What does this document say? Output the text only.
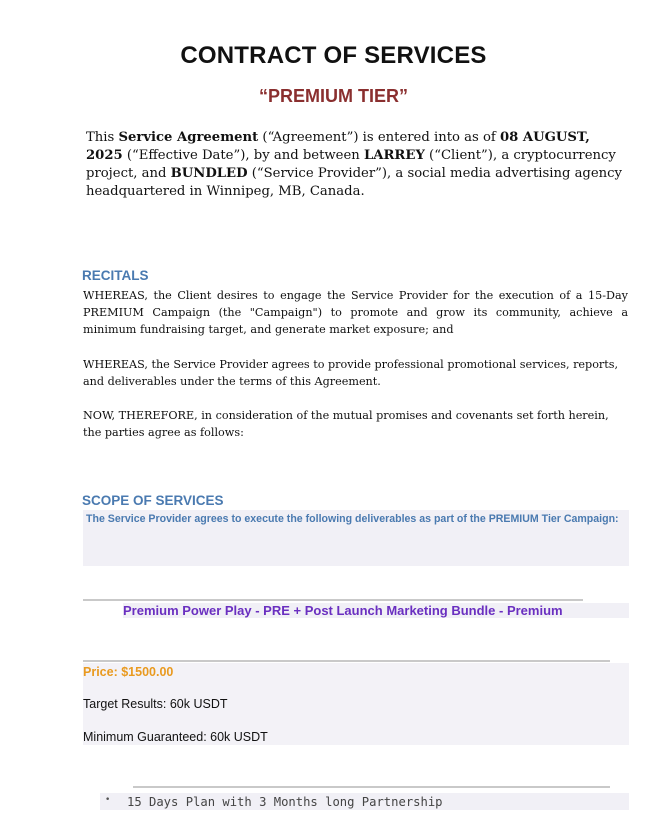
CONTRACT OF SERVICES
“PREMIUM TIER”
This Service Agreement (“Agreement”) is entered into as of 08 AUGUST, 2025 (“Effective Date”), by and between LARREY (“Client”), a cryptocurrency project, and BUNDLED (“Service Provider”), a social media advertising agency headquartered in Winnipeg, MB, Canada.
RECITALS
WHEREAS, the Client desires to engage the Service Provider for the execution of a 15-Day PREMIUM Campaign (the "Campaign") to promote and grow its community, achieve a minimum fundraising target, and generate market exposure; and
WHEREAS, the Service Provider agrees to provide professional promotional services, reports,
and deliverables under the terms of this Agreement.
NOW, THEREFORE, in consideration of the mutual promises and covenants set forth herein,
the parties agree as follows:
SCOPE OF SERVICES
The Service Provider agrees to execute the following deliverables as part of the PREMIUM Tier Campaign:
Premium Power Play - PRE + Post Launch Marketing Bundle - Premium
Price: $1500.00
Target Results: 60k USDT
Minimum Guaranteed: 60k USDT
• 15 Days Plan with 3 Months long Partnership
